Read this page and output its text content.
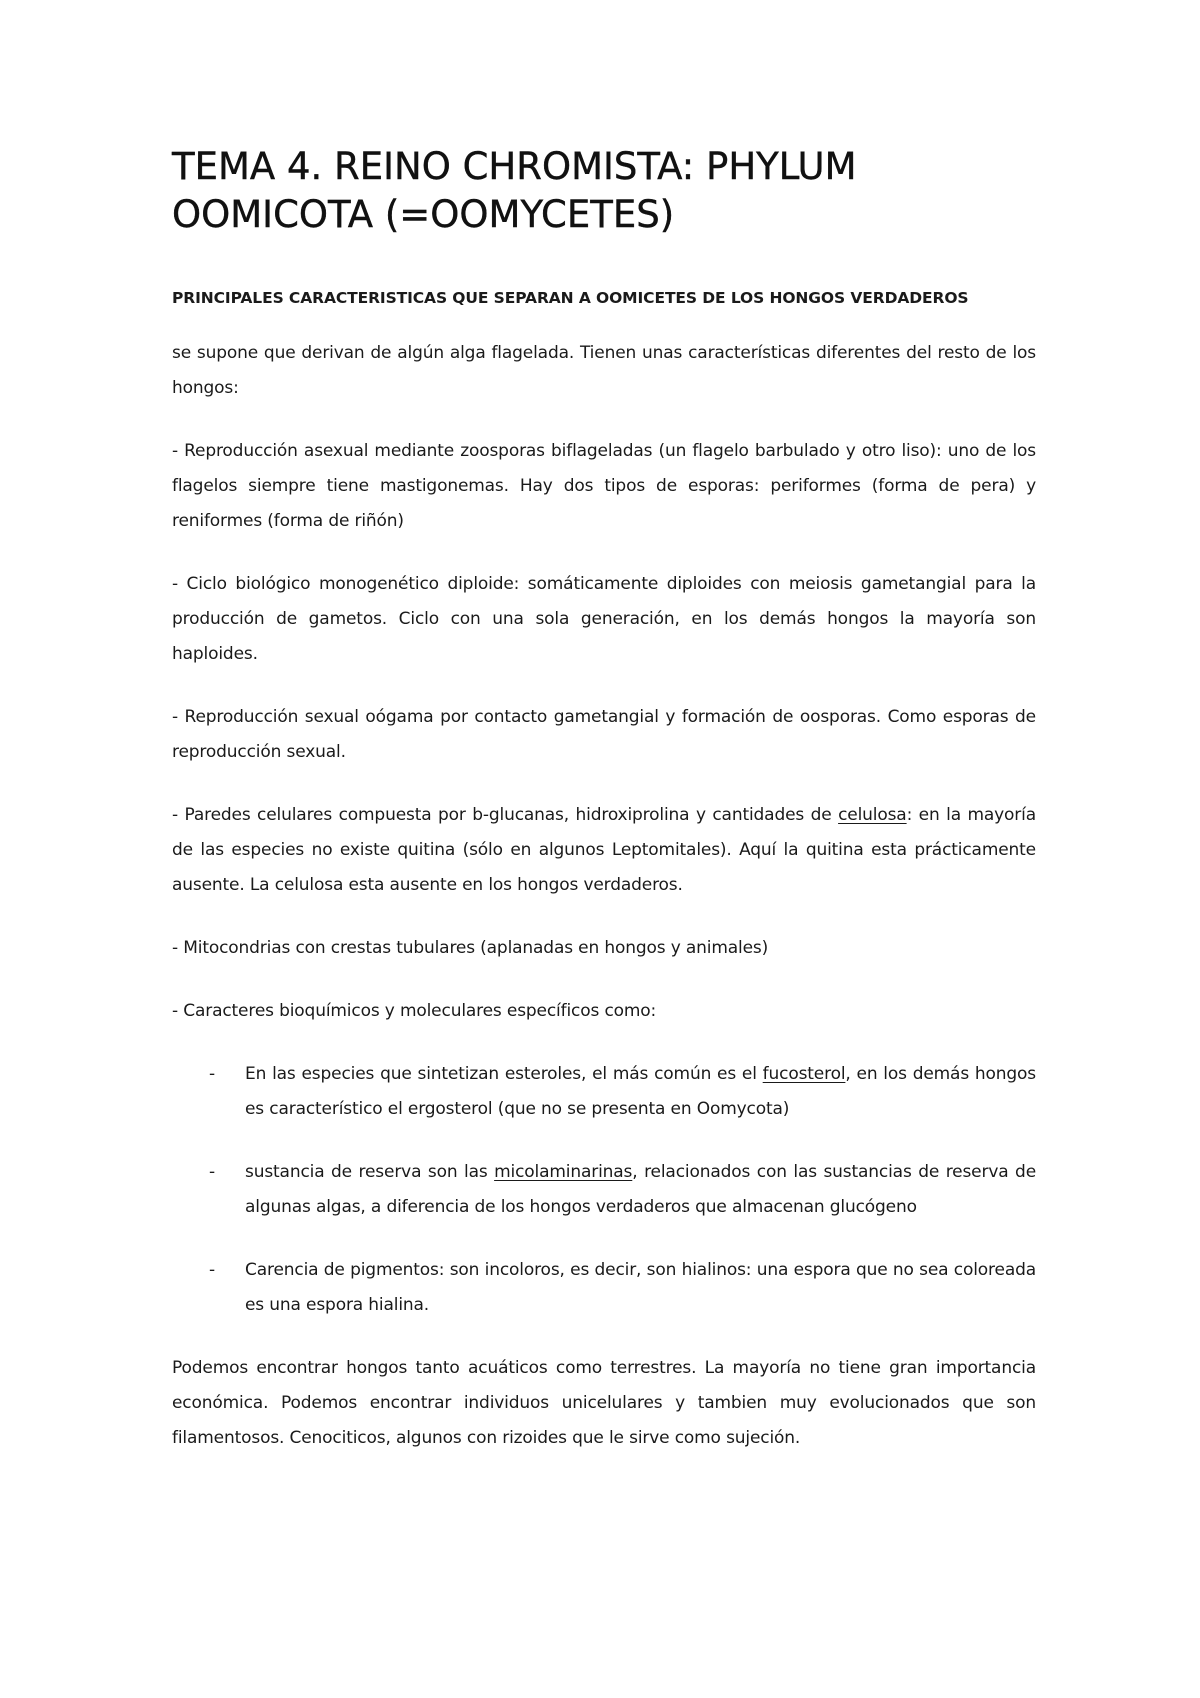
TEMA 4. REINO CHROMISTA: PHYLUM OOMICOTA (=OOMYCETES)
PRINCIPALES CARACTERISTICAS QUE SEPARAN A OOMICETES DE LOS HONGOS VERDADEROS

se supone que derivan de algún alga flagelada. Tienen unas características diferentes del resto de los hongos:

- Reproducción asexual mediante zoosporas biflageladas (un flagelo barbulado y otro liso): uno de los flagelos siempre tiene mastigonemas. Hay dos tipos de esporas: periformes (forma de pera) y reniformes (forma de riñón)

- Ciclo biológico monogenético diploide: somáticamente diploides con meiosis gametangial para la producción de gametos. Ciclo con una sola generación, en los demás hongos la mayoría son haploides.

- Reproducción sexual oógama por contacto gametangial y formación de oosporas. Como esporas de reproducción sexual.

- Paredes celulares compuesta por b-glucanas, hidroxiprolina y cantidades de celulosa: en la mayoría de las especies no existe quitina (sólo en algunos Leptomitales). Aquí la quitina esta prácticamente ausente. La celulosa esta ausente en los hongos verdaderos.

- Mitocondrias con crestas tubulares (aplanadas en hongos y animales)

- Caracteres bioquímicos y moleculares específicos como:

- En las especies que sintetizan esteroles, el más común es el fucosterol, en los demás hongos es característico el ergosterol (que no se presenta en Oomycota)
- sustancia de reserva son las micolaminarinas, relacionados con las sustancias de reserva de algunas algas, a diferencia de los hongos verdaderos que almacenan glucógeno
- Carencia de pigmentos: son incoloros, es decir, son hialinos: una espora que no sea coloreada es una espora hialina.

Podemos encontrar hongos tanto acuáticos como terrestres. La mayoría no tiene gran importancia económica. Podemos encontrar individuos unicelulares y tambien muy evolucionados que son filamentosos. Cenociticos, algunos con rizoides que le sirve como sujeción.
